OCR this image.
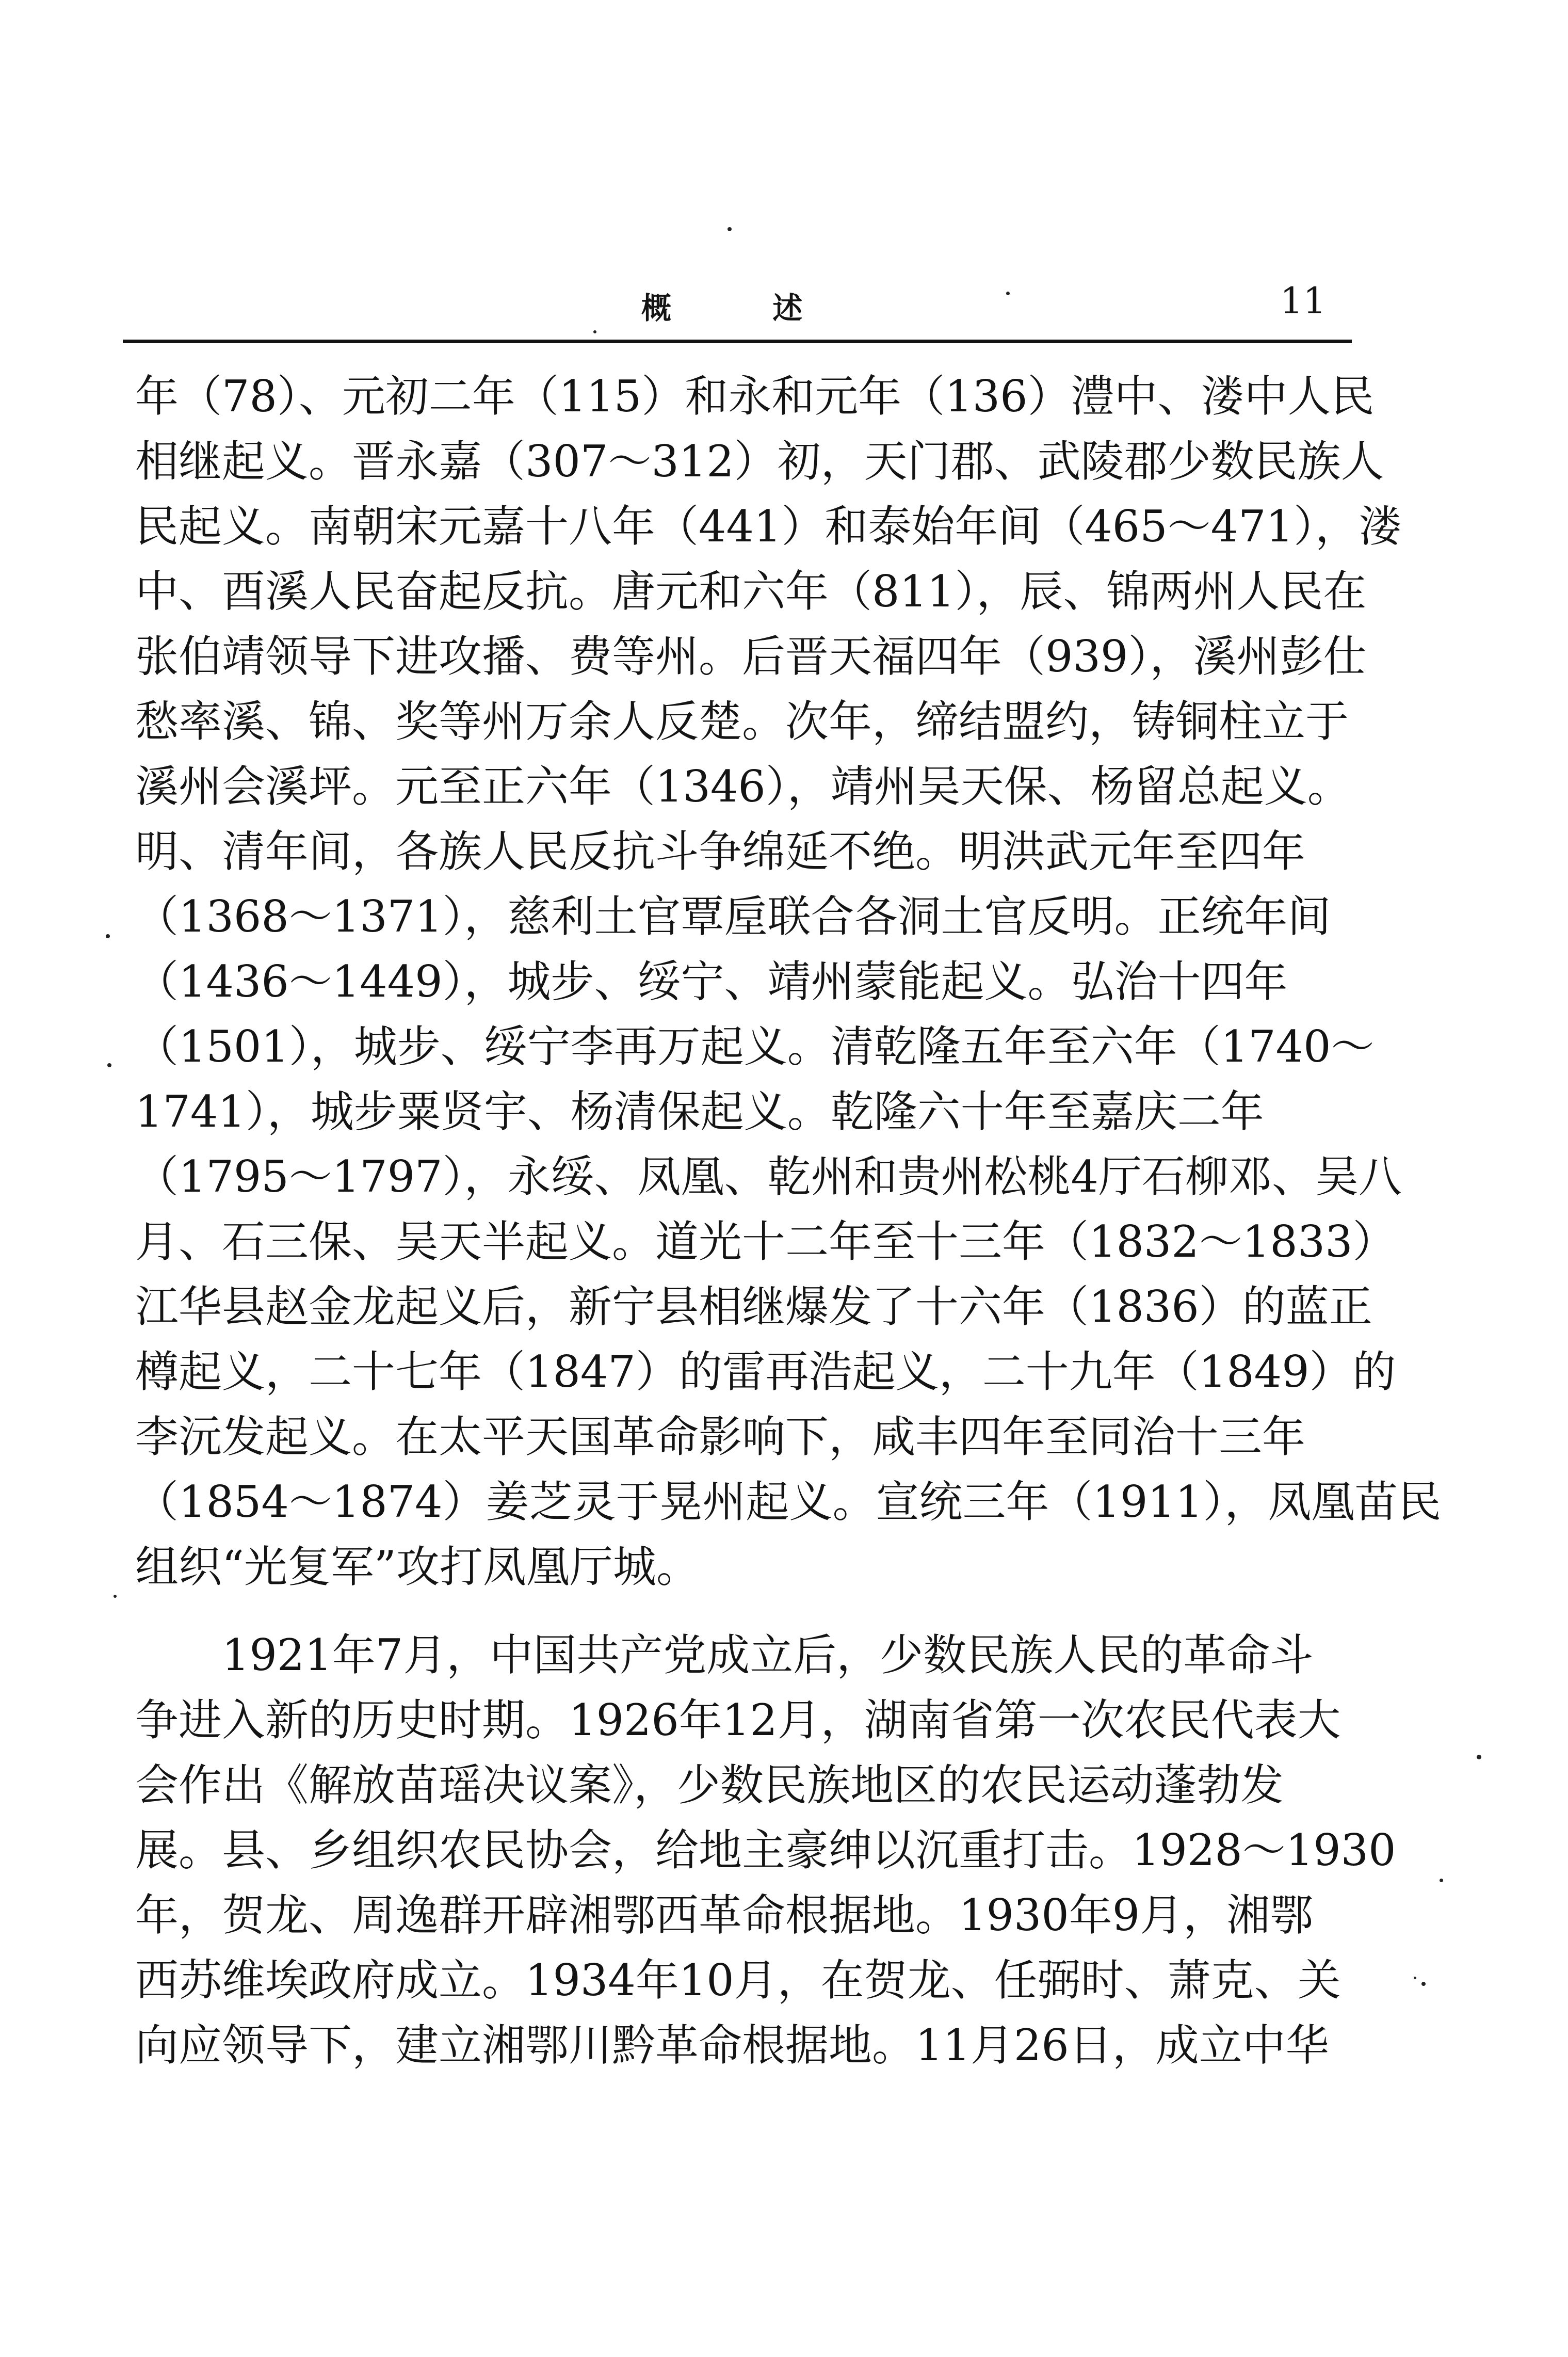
概 述	11
年（78）、元初二年（115）和永和元年（136）澧中、溇中人民
相继起义。晋永嘉（307～312）初，天门郡、武陵郡少数民族人
民起义。南朝宋元嘉十八年（441）和泰始年间（465～471），溇
中、酉溪人民奋起反抗。唐元和六年（811），辰、锦两州人民在
张伯靖领导下进攻播、费等州。后晋天福四年（939），溪州彭仕
愁率溪、锦、奖等州万余人反楚。次年，缔结盟约，铸铜柱立于
溪州会溪坪。元至正六年（1346），靖州吴天保、杨留总起义。
明、清年间，各族人民反抗斗争绵延不绝。明洪武元年至四年
（1368～1371），慈利土官覃垕联合各洞土官反明。正统年间
（1436～1449），城步、绥宁、靖州蒙能起义。弘治十四年
（1501），城步、绥宁李再万起义。清乾隆五年至六年（1740～
1741），城步粟贤宇、杨清保起义。乾隆六十年至嘉庆二年
（1795～1797），永绥、凤凰、乾州和贵州松桃4厅石柳邓、吴八
月、石三保、吴天半起义。道光十二年至十三年（1832～1833）
江华县赵金龙起义后，新宁县相继爆发了十六年（1836）的蓝正
樽起义，二十七年（1847）的雷再浩起义，二十九年（1849）的
李沅发起义。在太平天国革命影响下，咸丰四年至同治十三年
（1854～1874）姜芝灵于晃州起义。宣统三年（1911），凤凰苗民
组织“光复军”攻打凤凰厅城。
1921年7月，中国共产党成立后，少数民族人民的革命斗
争进入新的历史时期。1926年12月，湖南省第一次农民代表大
会作出《解放苗瑶决议案》，少数民族地区的农民运动蓬勃发
展。县、乡组织农民协会，给地主豪绅以沉重打击。1928～1930
年，贺龙、周逸群开辟湘鄂西革命根据地。1930年9月，湘鄂
西苏维埃政府成立。1934年10月，在贺龙、任弼时、萧克、关
向应领导下，建立湘鄂川黔革命根据地。11月26日，成立中华
